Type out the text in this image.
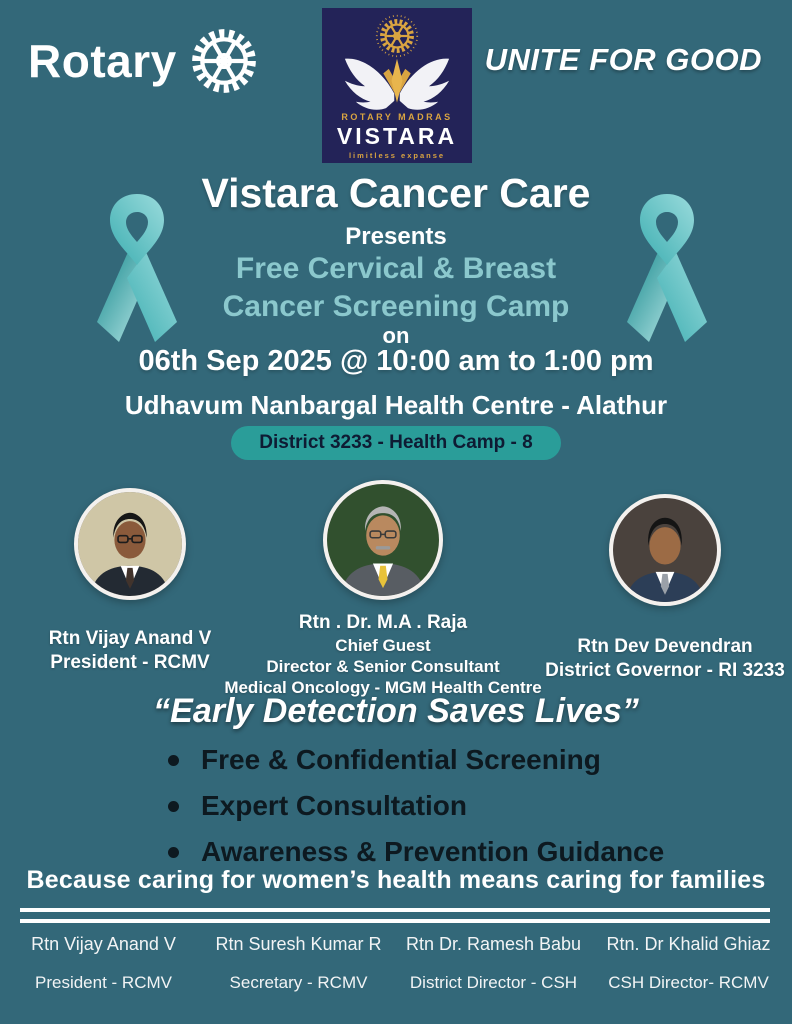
Rotary
ROTARY MADRAS
VISTARA
limitless expanse
UNITE FOR GOOD
Vistara Cancer Care
Presents
Free Cervical & Breast
Cancer Screening Camp
on
06th Sep 2025 @ 10:00 am to 1:00 pm
Udhavum Nanbargal Health Centre - Alathur
District 3233 - Health Camp - 8
Rtn Vijay Anand V
President - RCMV
Rtn . Dr. M.A . Raja
Chief Guest
Director & Senior Consultant
Medical Oncology - MGM Health Centre
Rtn Dev Devendran
District Governor - RI 3233
“Early Detection Saves Lives”
Free & Confidential Screening
Expert Consultation
Awareness & Prevention Guidance
Because caring for women’s health means caring for families
Rtn Vijay Anand V
President - RCMV
Rtn Suresh Kumar R
Secretary - RCMV
Rtn Dr. Ramesh Babu
District Director - CSH
Rtn. Dr Khalid Ghiaz
CSH Director- RCMV
